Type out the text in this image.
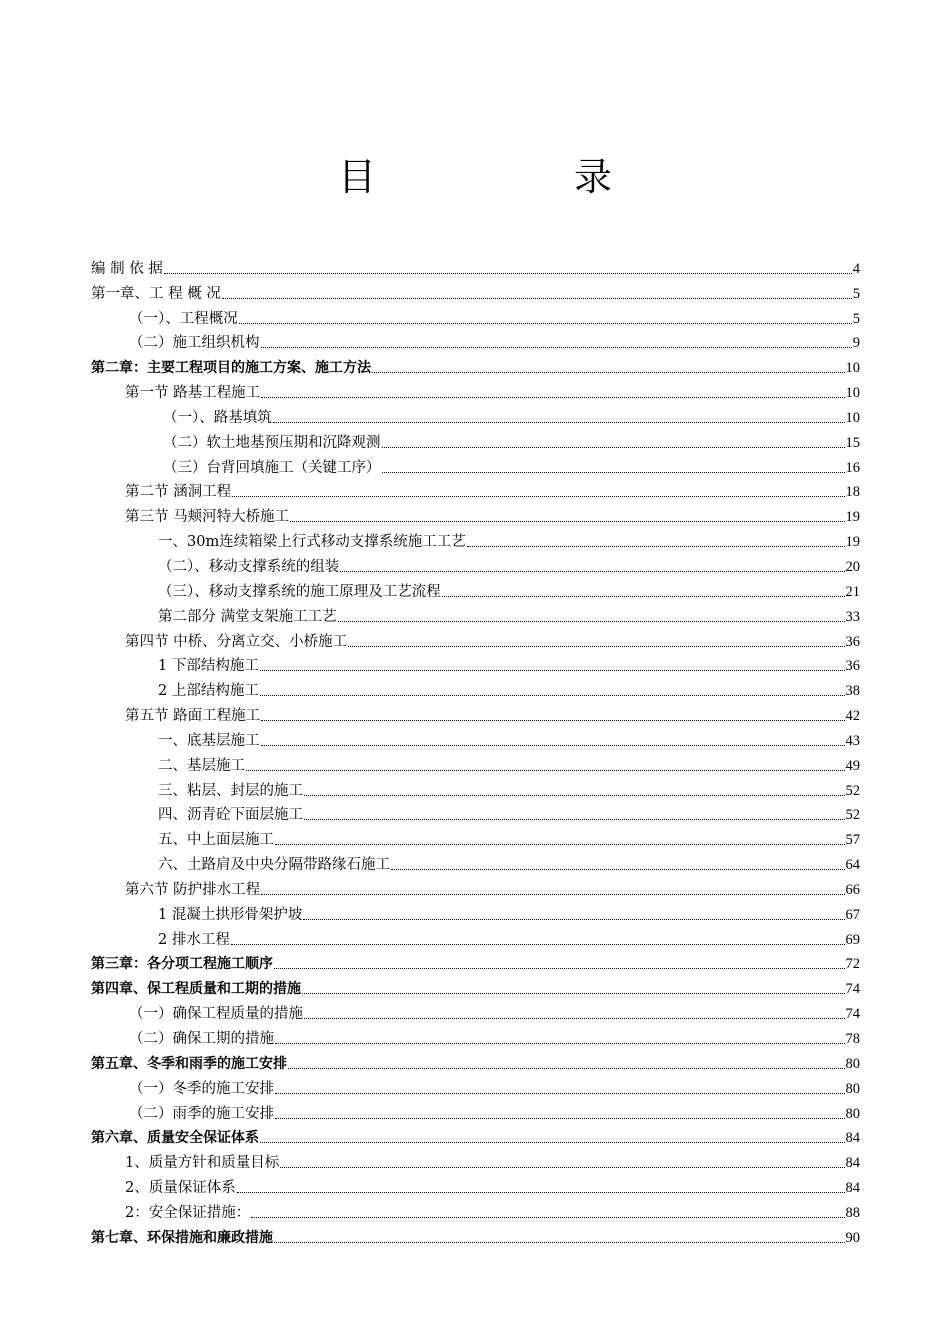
目　录
编 制 依 据	4
第一章、工 程 概 况	5
（一）、工程概况	5
（二）施工组织机构	9
第二章：主要工程项目的施工方案、施工方法	10
第一节 路基工程施工	10
（一）、路基填筑	10
（二）软土地基预压期和沉降观测	15
（三）台背回填施工（关键工序）	16
第二节 涵洞工程	18
第三节 马颊河特大桥施工	19
一、30m连续箱梁上行式移动支撑系统施工工艺	19
（二）、移动支撑系统的组装	20
（三）、移动支撑系统的施工原理及工艺流程	21
第二部分 满堂支架施工工艺	33
第四节 中桥、分离立交、小桥施工	36
1 下部结构施工	36
2 上部结构施工	38
第五节 路面工程施工	42
一、底基层施工	43
二、基层施工	49
三、粘层、封层的施工	52
四、沥青砼下面层施工	52
五、中上面层施工	57
六、土路肩及中央分隔带路缘石施工	64
第六节 防护排水工程	66
1 混凝土拱形骨架护坡	67
2 排水工程	69
第三章：各分项工程施工顺序	72
第四章、保工程质量和工期的措施	74
（一）确保工程质量的措施	74
（二）确保工期的措施	78
第五章、冬季和雨季的施工安排	80
（一）冬季的施工安排	80
（二）雨季的施工安排	80
第六章、质量安全保证体系	84
1、质量方针和质量目标	84
2、质量保证体系	84
2：安全保证措施：	88
第七章、环保措施和廉政措施	90
